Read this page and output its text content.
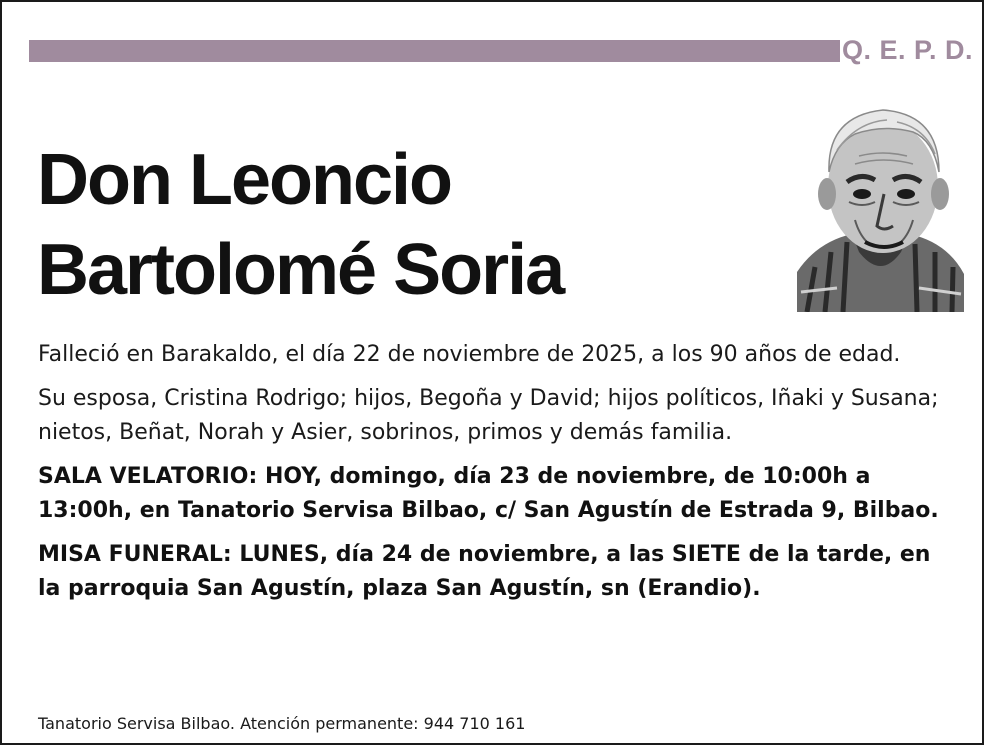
Q. E. P. D.
Don Leoncio
Bartolomé Soria

Falleció en Barakaldo, el día 22 de noviembre de 2025, a los 90 años de edad.

Su esposa, Cristina Rodrigo; hijos, Begoña y David; hijos políticos, Iñaki y Susana; nietos, Beñat, Norah y Asier, sobrinos, primos y demás familia.

SALA VELATORIO: HOY, domingo, día 23 de noviembre, de 10:00h a 13:00h, en Tanatorio Servisa Bilbao, c/ San Agustín de Estrada 9, Bilbao.

MISA FUNERAL: LUNES, día 24 de noviembre, a las SIETE de la tarde, en la parroquia San Agustín, plaza San Agustín, sn (Erandio).

Tanatorio Servisa Bilbao. Atención permanente: 944 710 161
